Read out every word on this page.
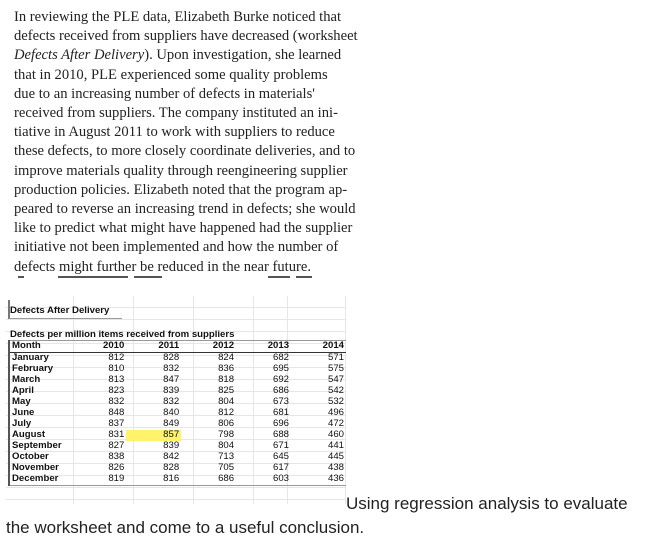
In reviewing the PLE data, Elizabeth Burke noticed that
defects received from suppliers have decreased (worksheet
Defects After Delivery). Upon investigation, she learned
that in 2010, PLE experienced some quality problems
due to an increasing number of defects in materials'
received from suppliers. The company instituted an ini-
tiative in August 2011 to work with suppliers to reduce
these defects, to more closely coordinate deliveries, and to
improve materials quality through reengineering supplier
production policies. Elizabeth noted that the program ap-
peared to reverse an increasing trend in defects; she would
like to predict what might have happened had the supplier
initiative not been implemented and how the number of
defects might further be reduced in the near future.
Defects After Delivery
Defects per million items received from suppliers
Month	2010	2011	2012	2013	2014
January	812	828	824	682	571
February	810	832	836	695	575
March	813	847	818	692	547
April	823	839	825	686	542
May	832	832	804	673	532
June	848	840	812	681	496
July	837	849	806	696	472
August	831	857	798	688	460
September	827	839	804	671	441
October	838	842	713	645	445
November	826	828	705	617	438
December	819	816	686	603	436
Using regression analysis to evaluate
the worksheet and come to a useful conclusion.
